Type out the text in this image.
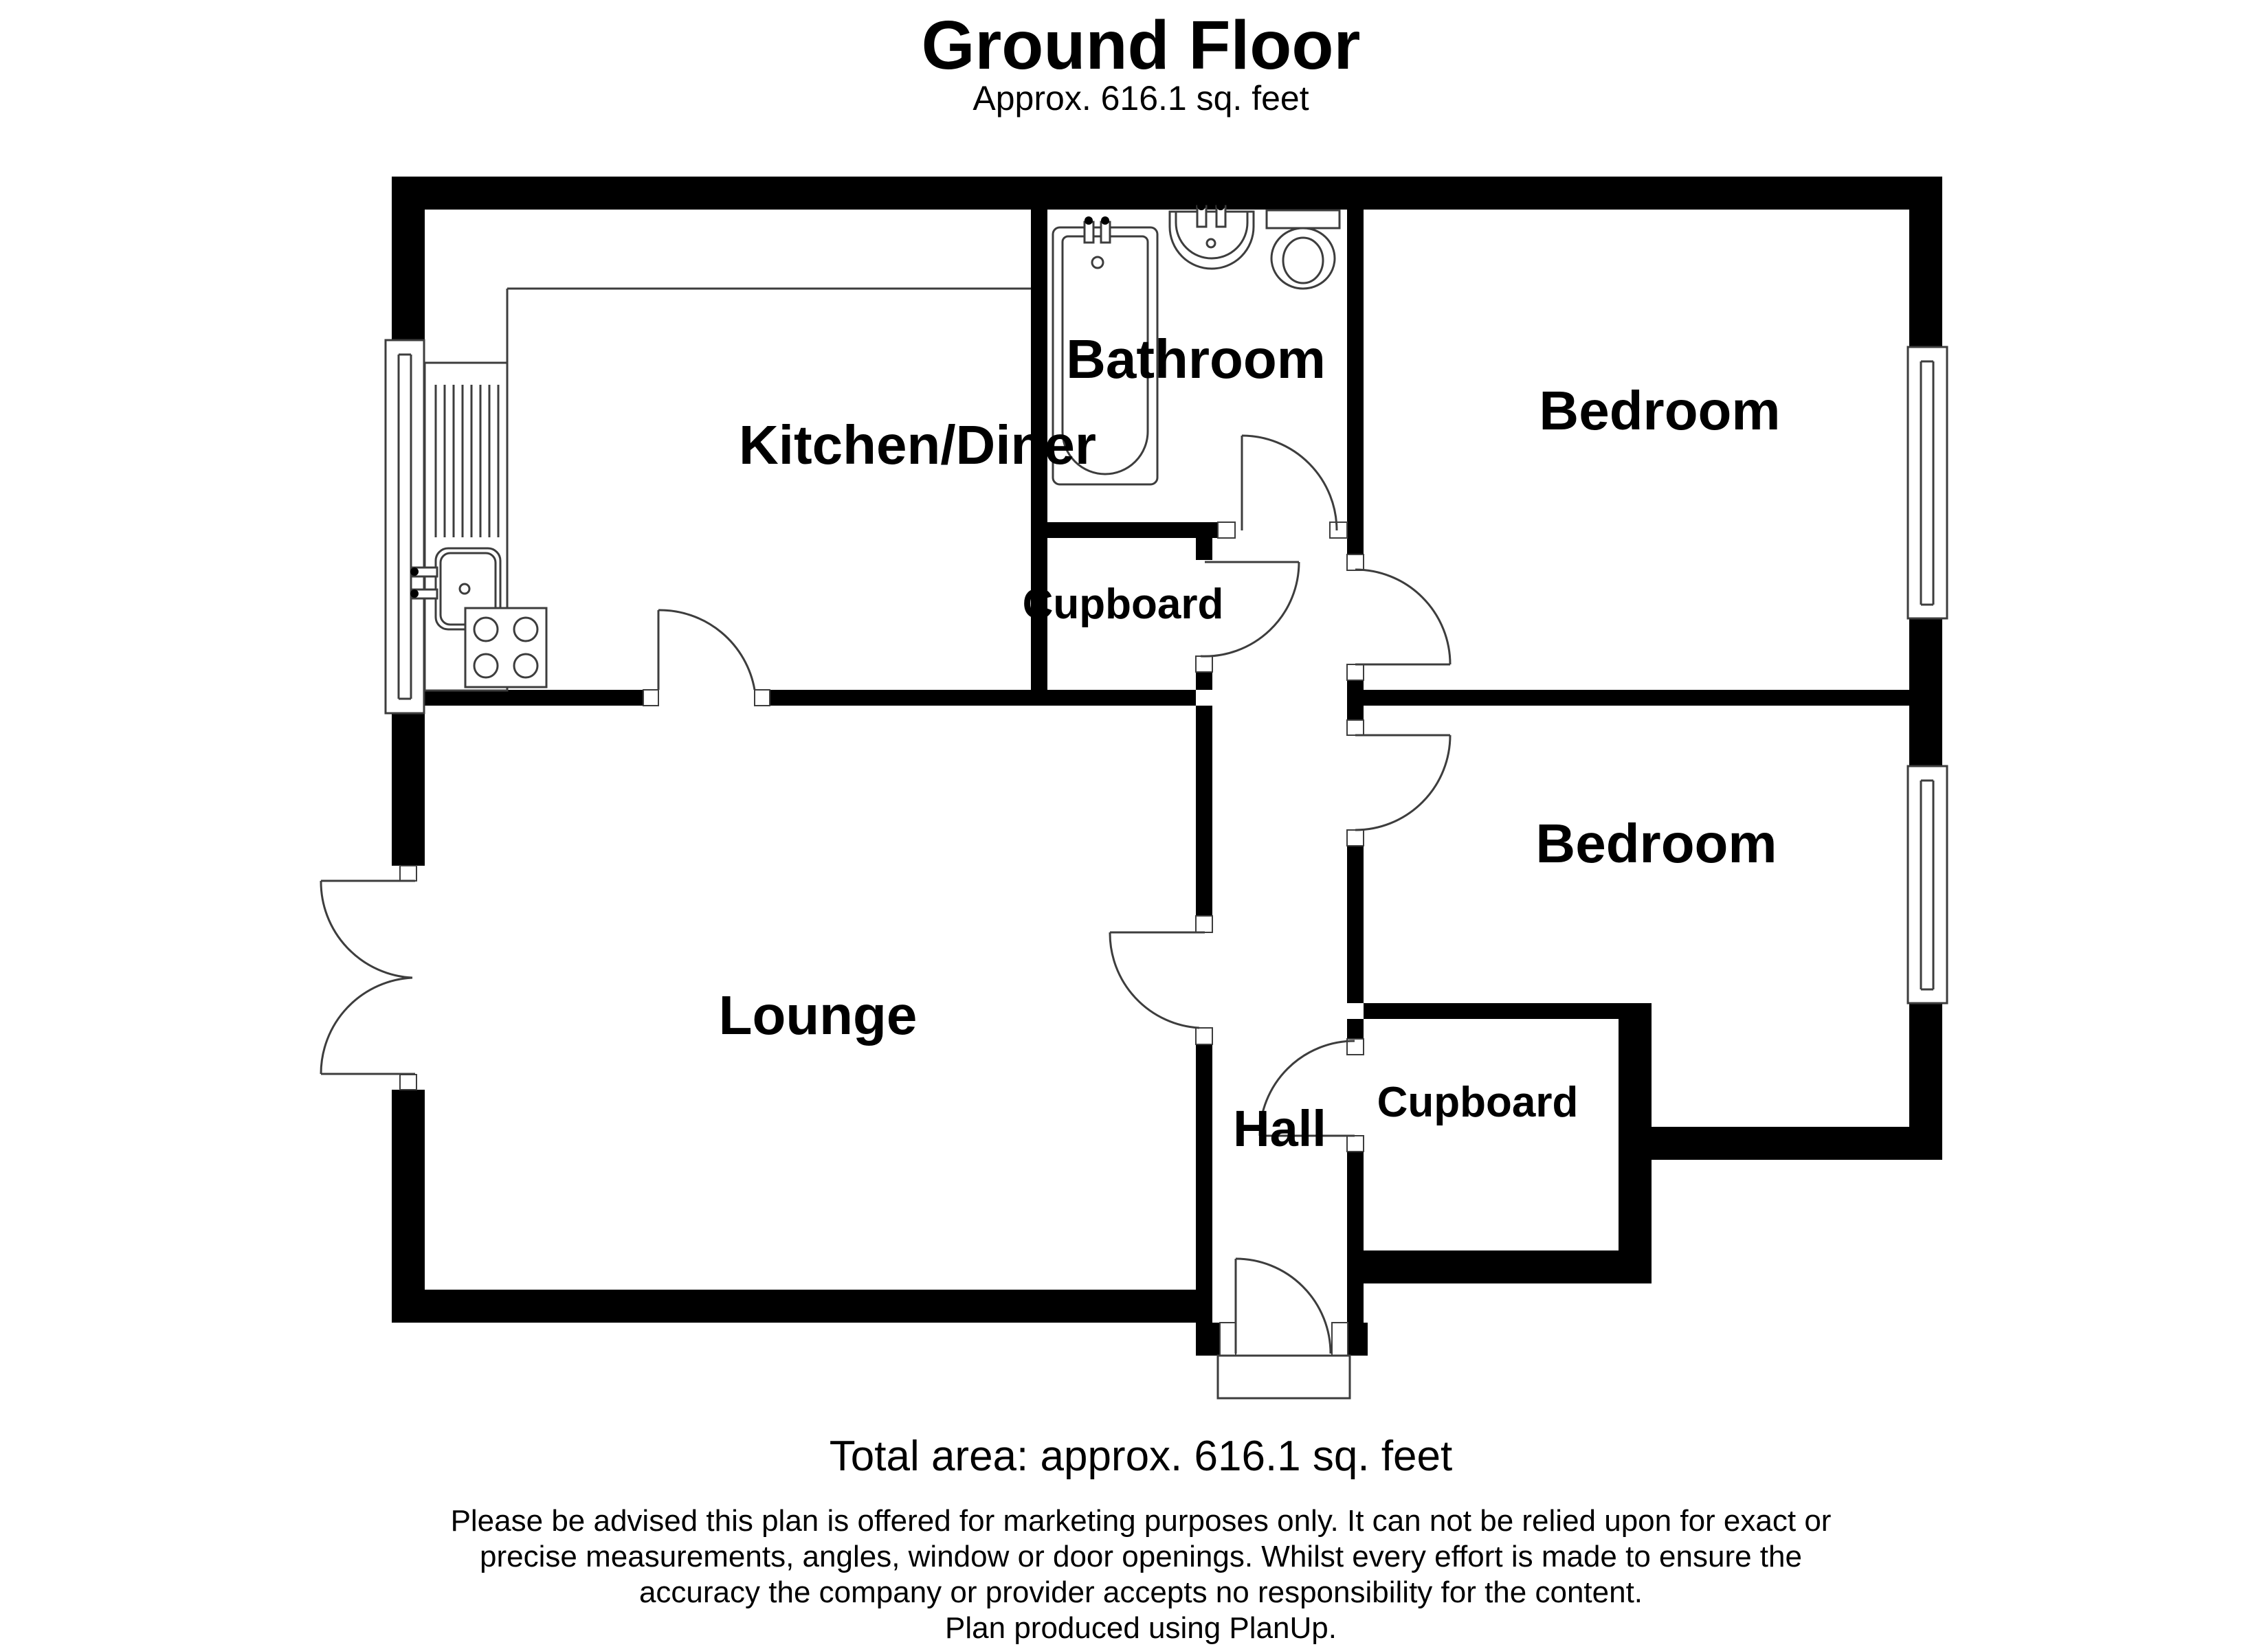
Ground Floor
Approx. 616.1 sq. feet
Kitchen/Diner
Bathroom
Bedroom
Bedroom
Lounge
Cupboard
Cupboard
Hall
Total area: approx. 616.1 sq. feet
Please be advised this plan is offered for marketing purposes only. It can not be relied upon for exact or
precise measurements, angles, window or door openings. Whilst every effort is made to ensure the
accuracy the company or provider accepts no responsibility for the content.
Plan produced using PlanUp.
